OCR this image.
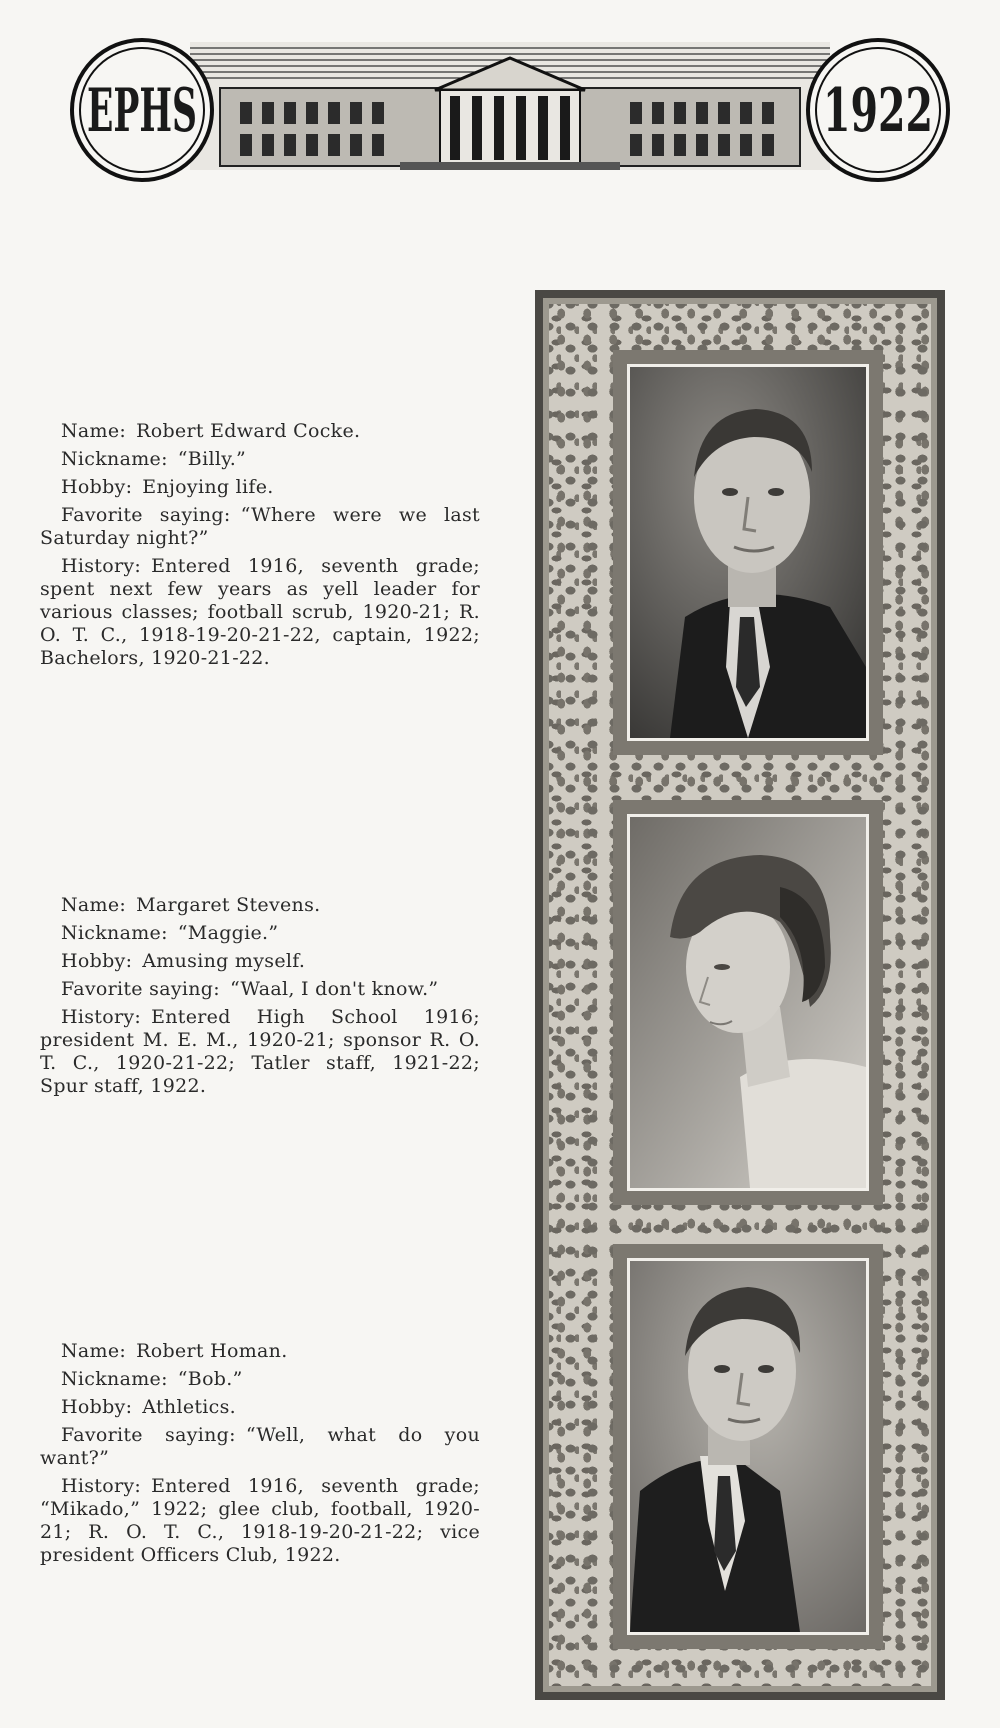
EPHS	1922

Name: Robert Edward Cocke.

Nickname: “Billy.”

Hobby: Enjoying life.

Favorite saying: “Where were we last Saturday night?”

History: Entered 1916, seventh grade; spent next few years as yell leader for various classes; football scrub, 1920-21; R. O. T. C., 1918-19-20-21-22, captain, 1922; Bachelors, 1920-21-22.

Name: Margaret Stevens.

Nickname: “Maggie.”

Hobby: Amusing myself.

Favorite saying: “Waal, I don't know.”

History: Entered High School 1916; president M. E. M., 1920-21; sponsor R. O. T. C., 1920-21-22; Tatler staff, 1921-22; Spur staff, 1922.

Name: Robert Homan.

Nickname: “Bob.”

Hobby: Athletics.

Favorite saying: “Well, what do you want?”

History: Entered 1916, seventh grade; “Mikado,” 1922; glee club, football, 1920-21; R. O. T. C., 1918-19-20-21-22; vice president Officers Club, 1922.
